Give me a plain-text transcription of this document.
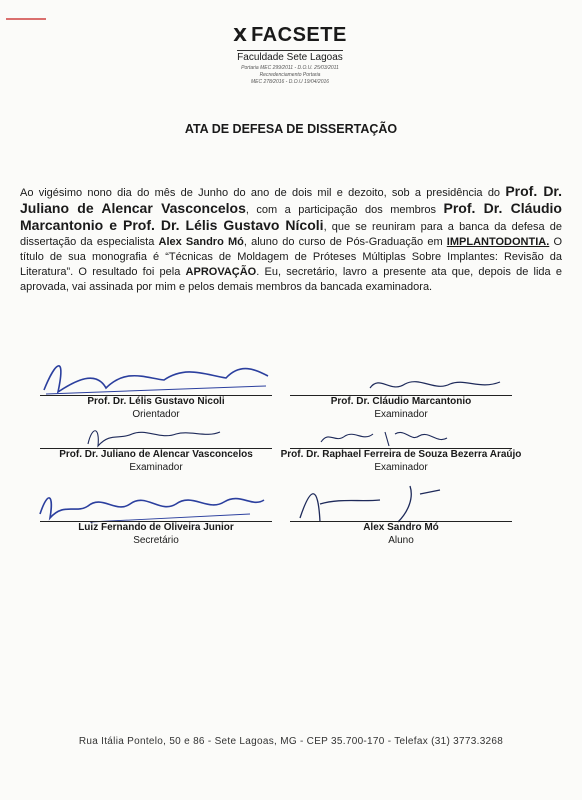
Ⅹ FACSETE
Faculdade Sete Lagoas
Portaria MEC 299/2011 - D.O.U. 25/03/2011
Recredenciamento Portaria
MEC 278/2016 - D.O.U 19/04/2016
ATA DE DEFESA DE DISSERTAÇÃO
Ao vigésimo nono dia do mês de Junho do ano de dois mil e dezoito, sob a presidência do Prof. Dr. Juliano de Alencar Vasconcelos, com a participação dos membros Prof. Dr. Cláudio Marcantonio e Prof. Dr. Lélis Gustavo Nícoli, que se reuniram para a banca da defesa de dissertação da especialista Alex Sandro Mó, aluno do curso de Pós-Graduação em IMPLANTODONTIA. O título de sua monografia é “Técnicas de Moldagem de Próteses Múltiplas Sobre Implantes: Revisão da Literatura”. O resultado foi pela APROVAÇÃO. Eu, secretário, lavro a presente ata que, depois de lida e aprovada, vai assinada por mim e pelos demais membros da bancada examinadora.
Prof. Dr. Lélis Gustavo Nicoli
Orientador
Prof. Dr. Cláudio Marcantonio
Examinador
Prof. Dr. Juliano de Alencar Vasconcelos
Examinador
Prof. Dr. Raphael Ferreira de Souza Bezerra Araújo
Examinador
Luiz Fernando de Oliveira Junior
Secretário
Alex Sandro Mó
Aluno
Rua Itália Pontelo, 50 e 86 - Sete Lagoas, MG - CEP 35.700-170 - Telefax (31) 3773.3268
